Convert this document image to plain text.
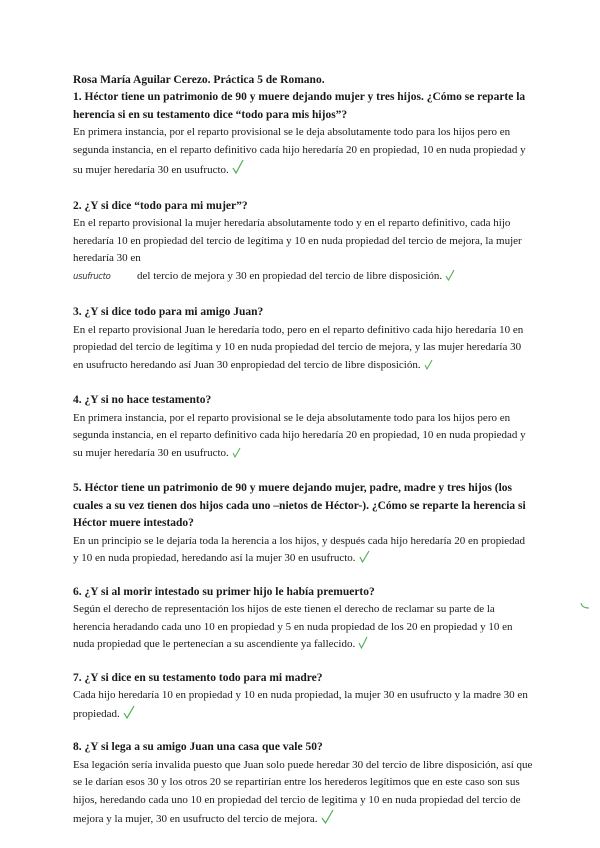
Rosa María Aguilar Cerezo. Práctica 5 de Romano.

1. Héctor tiene un patrimonio de 90 y muere dejando mujer y tres hijos. ¿Cómo se reparte la herencia si en su testamento dice “todo para mis hijos”?

En primera instancia, por el reparto provisional se le deja absolutamente todo para los hijos pero en segunda instancia, en el reparto definitivo cada hijo heredaría 20 en propiedad, 10 en nuda propiedad y su mujer heredaría 30 en usufructo.

2. ¿Y si dice “todo para mi mujer”?

En el reparto provisional la mujer heredaría absolutamente todo y en el reparto definitivo, cada hijo heredaría 10 en propiedad del tercio de legítima y 10 en nuda propiedad del tercio de mejora, la mujer heredaría 30 en
usufructo del tercio de mejora y 30 en propiedad del tercio de libre disposición.

3. ¿Y si dice todo para mi amigo Juan?

En el reparto provisional Juan le heredaría todo, pero en el reparto definitivo cada hijo heredaría 10 en propiedad del tercio de legítima y 10 en nuda propiedad del tercio de mejora, y las mujer heredaría 30 en usufructo heredando así Juan 30 enpropiedad del tercio de libre disposición.

4. ¿Y si no hace testamento?

En primera instancia, por el reparto provisional se le deja absolutamente todo para los hijos pero en segunda instancia, en el reparto definitivo cada hijo heredaría 20 en propiedad, 10 en nuda propiedad y su mujer heredaría 30 en usufructo.

5. Héctor tiene un patrimonio de 90 y muere dejando mujer, padre, madre y tres hijos (los cuales a su vez tienen dos hijos cada uno –nietos de Héctor-). ¿Cómo se reparte la herencia si Héctor muere intestado?

En un principio se le dejaría toda la herencia a los hijos, y después cada hijo heredaría 20 en propiedad y 10 en nuda propiedad, heredando así la mujer 30 en usufructo.

6. ¿Y si al morir intestado su primer hijo le había premuerto?

Según el derecho de representación los hijos de este tienen el derecho de reclamar su parte de la herencia heradando cada uno 10 en propiedad y 5 en nuda propiedad de los 20 en propiedad y 10 en nuda propiedad que le pertenecían a su ascendiente ya fallecido.

7. ¿Y si dice en su testamento todo para mi madre?

Cada hijo heredaría 10 en propiedad y 10 en nuda propiedad, la mujer 30 en usufructo y la madre 30 en propiedad.

8. ¿Y si lega a su amigo Juan una casa que vale 50?

Esa legación sería invalida puesto que Juan solo puede heredar 30 del tercio de libre disposición, así que se le darían esos 30 y los otros 20 se repartirían entre los herederos legítimos que en este caso son sus hijos, heredando cada uno 10 en propiedad del tercio de legitima y 10 en nuda propiedad del tercio de mejora y la mujer, 30 en usufructo del tercio de mejora.
